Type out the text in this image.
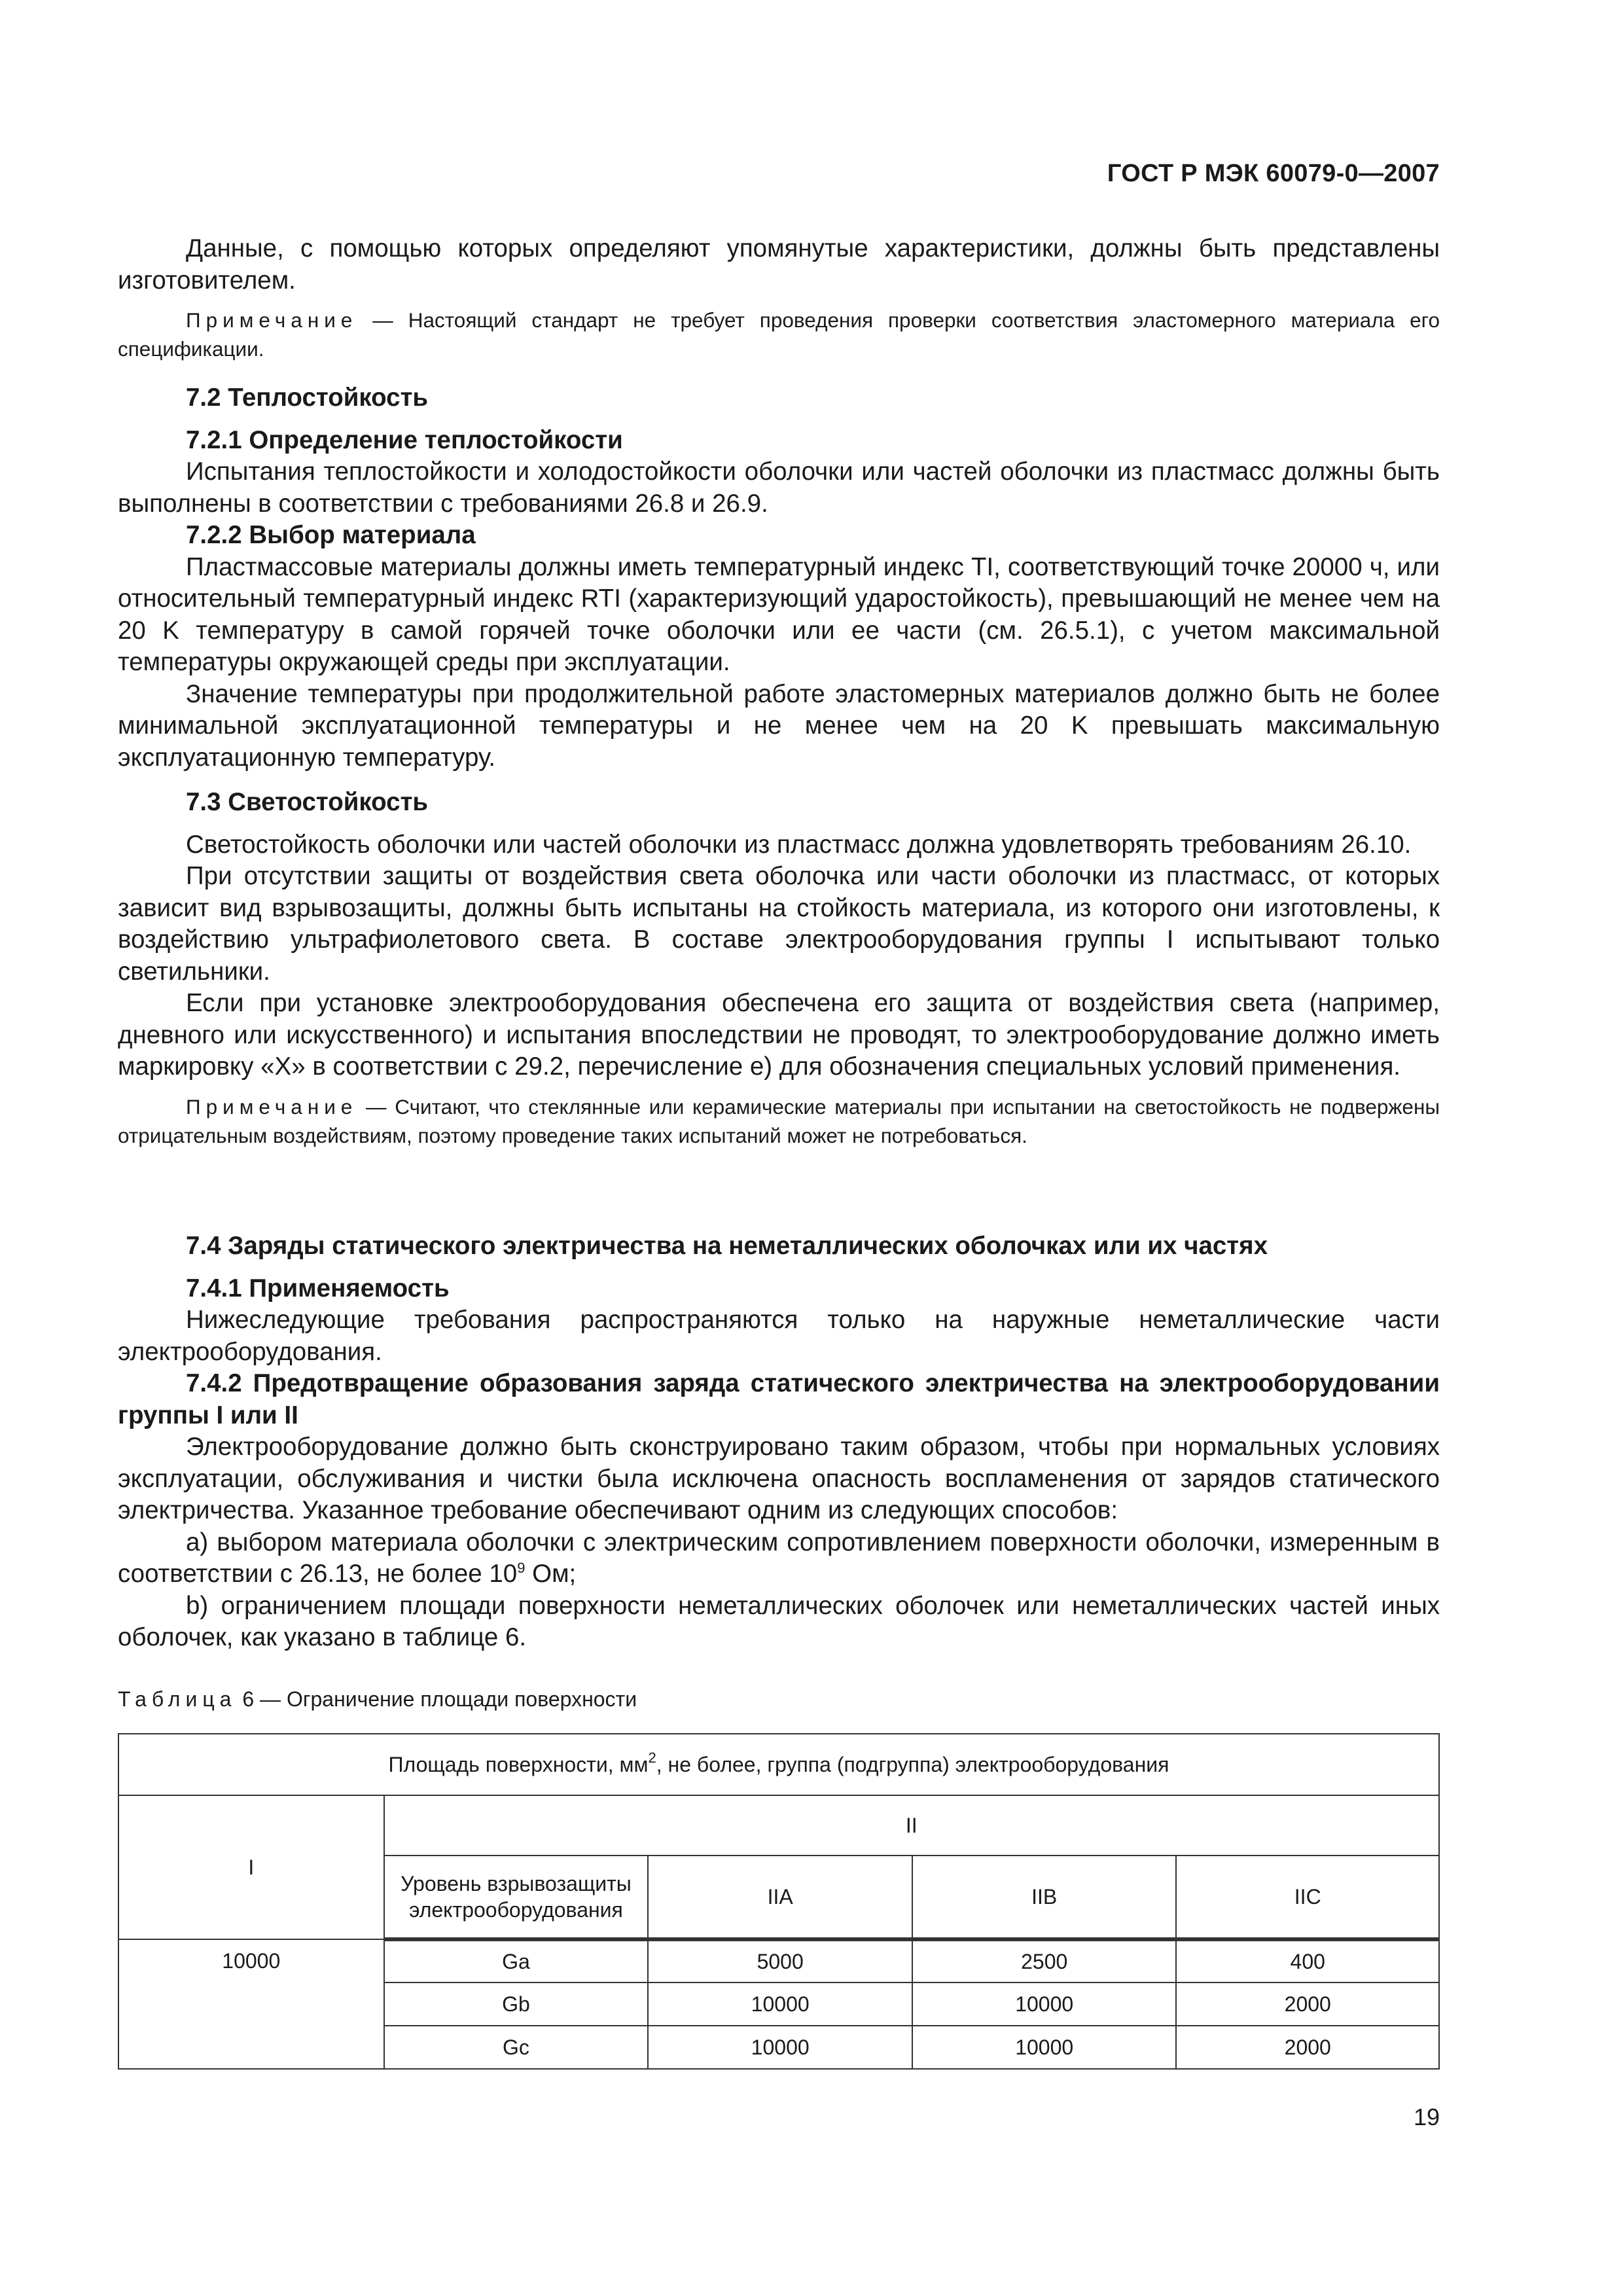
ГОСТ Р МЭК 60079-0—2007

Данные, с помощью которых определяют упомянутые характеристики, должны быть представлены изготовителем.

Примечание — Настоящий стандарт не требует проведения проверки соответствия эластомерного материала его спецификации.

7.2 Теплостойкость
7.2.1 Определение теплостойкости

Испытания теплостойкости и холодостойкости оболочки или частей оболочки из пластмасс должны быть выполнены в соответствии с требованиями 26.8 и 26.9.

7.2.2 Выбор материала

Пластмассовые материалы должны иметь температурный индекс TI, соответствующий точке 20000 ч, или относительный температурный индекс RTI (характеризующий ударостойкость), превышающий не менее чем на 20 K температуру в самой горячей точке оболочки или ее части (см. 26.5.1), с учетом максимальной температуры окружающей среды при эксплуатации.

Значение температуры при продолжительной работе эластомерных материалов должно быть не более минимальной эксплуатационной температуры и не менее чем на 20 K превышать максимальную эксплуатационную температуру.

7.3 Светостойкость

Светостойкость оболочки или частей оболочки из пластмасс должна удовлетворять требованиям 26.10.

При отсутствии защиты от воздействия света оболочка или части оболочки из пластмасс, от которых зависит вид взрывозащиты, должны быть испытаны на стойкость материала, из которого они изготовлены, к воздействию ультрафиолетового света. В составе электрооборудования группы I испытывают только светильники.

Если при установке электрооборудования обеспечена его защита от воздействия света (например, дневного или искусственного) и испытания впоследствии не проводят, то электрооборудование должно иметь маркировку «X» в соответствии с 29.2, перечисление е) для обозначения специальных условий применения.

Примечание — Считают, что стеклянные или керамические материалы при испытании на светостойкость не подвержены отрицательным воздействиям, поэтому проведение таких испытаний может не потребоваться.

7.4 Заряды статического электричества на неметаллических оболочках или их частях
7.4.1 Применяемость

Нижеследующие требования распространяются только на наружные неметаллические части электрооборудования.

7.4.2 Предотвращение образования заряда статического электричества на электрооборудовании группы I или II

Электрооборудование должно быть сконструировано таким образом, чтобы при нормальных условиях эксплуатации, обслуживания и чистки была исключена опасность воспламенения от зарядов статического электричества. Указанное требование обеспечивают одним из следующих способов:

а) выбором материала оболочки с электрическим сопротивлением поверхности оболочки, измеренным в соответствии с 26.13, не более $10^9$ Ом;

b) ограничением площади поверхности неметаллических оболочек или неметаллических частей иных оболочек, как указано в таблице 6.

Таблица 6 — Ограничение площади поверхности
Площадь поверхности, $мм^2$, не более, группа (подгруппа) электрооборудования				
I	II			
	Уровень взрывозащиты электрооборудования	IIA	IIB	IIC
10000	Ga	5000	2500	400
	Gb	10000	10000	2000
	Gc	10000	10000	2000
19
